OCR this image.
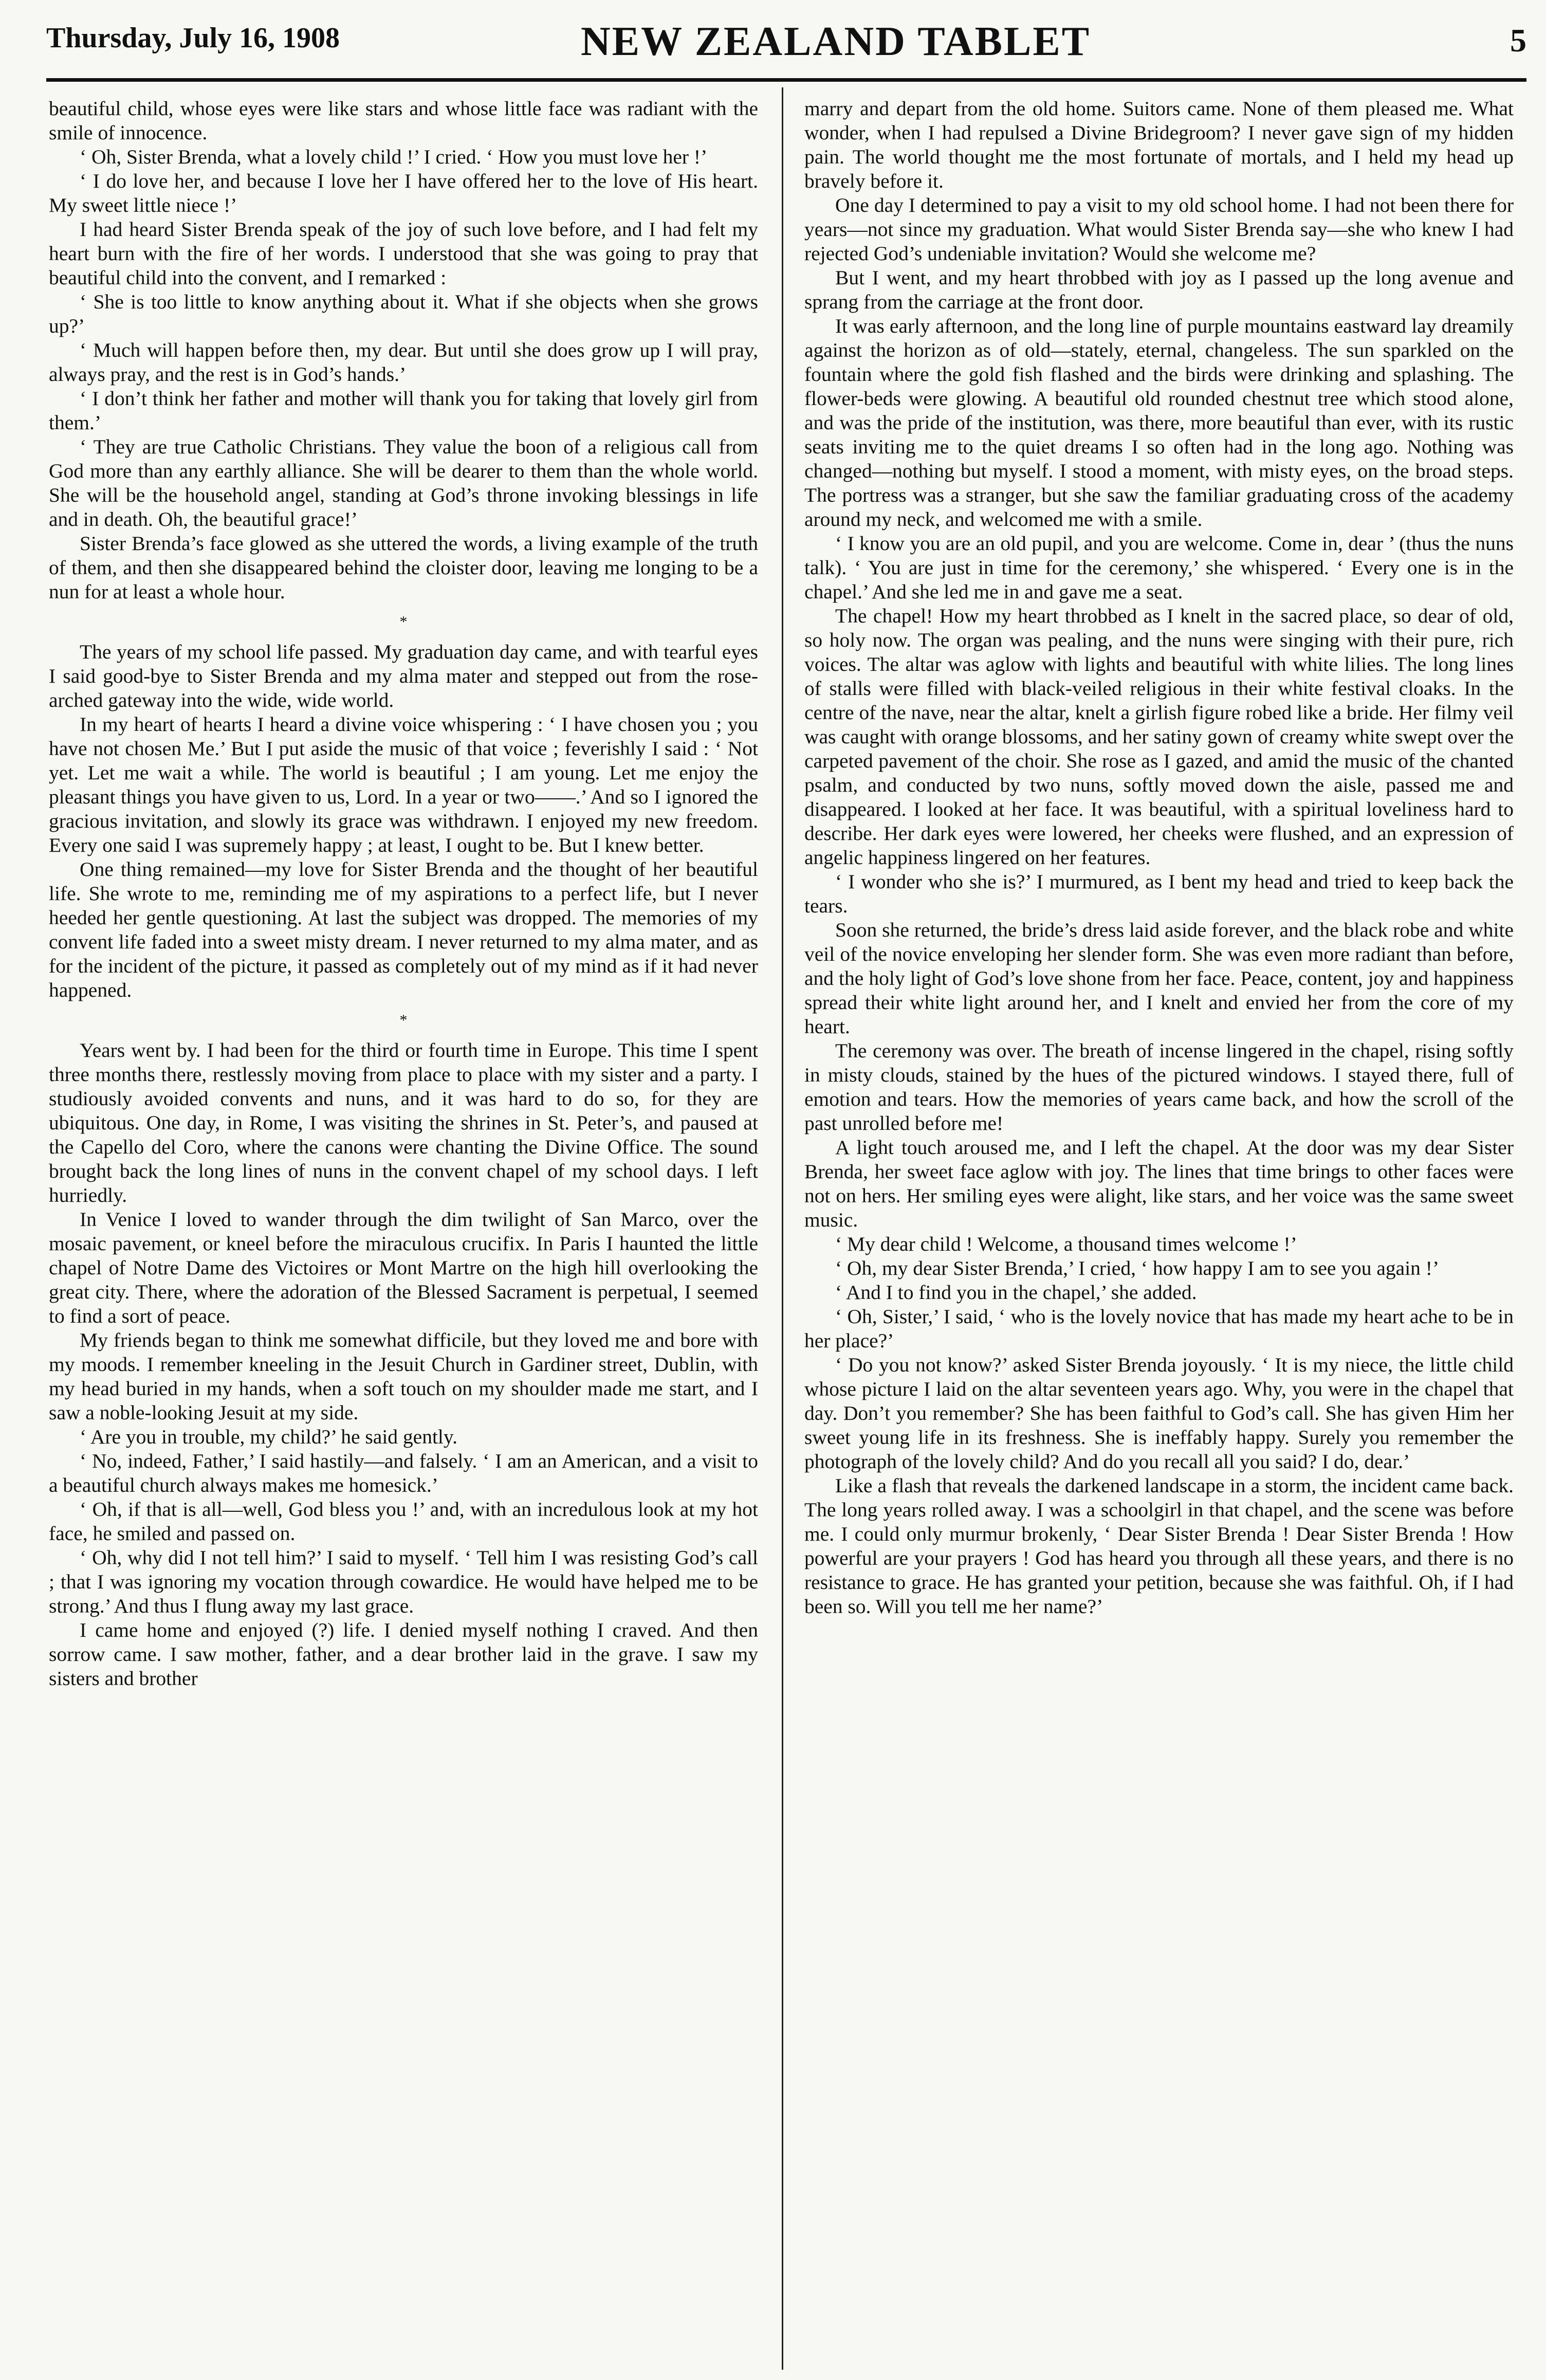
Thursday, July 16, 1908	NEW ZEALAND TABLET	5

beautiful child, whose eyes were like stars and whose little face was radiant with the smile of innocence.

‘ Oh, Sister Brenda, what a lovely child !’ I cried. ‘ How you must love her !’

‘ I do love her, and because I love her I have offered her to the love of His heart. My sweet little niece !’

I had heard Sister Brenda speak of the joy of such love before, and I had felt my heart burn with the fire of her words. I understood that she was going to pray that beautiful child into the convent, and I remarked :

‘ She is too little to know anything about it. What if she objects when she grows up?’

‘ Much will happen before then, my dear. But until she does grow up I will pray, always pray, and the rest is in God’s hands.’

‘ I don’t think her father and mother will thank you for taking that lovely girl from them.’

‘ They are true Catholic Christians. They value the boon of a religious call from God more than any earthly alliance. She will be dearer to them than the whole world. She will be the household angel, standing at God’s throne invoking blessings in life and in death. Oh, the beautiful grace!’

Sister Brenda’s face glowed as she uttered the words, a living example of the truth of them, and then she disappeared behind the cloister door, leaving me longing to be a nun for at least a whole hour.

*

The years of my school life passed. My graduation day came, and with tearful eyes I said good-bye to Sister Brenda and my alma mater and stepped out from the rose-arched gateway into the wide, wide world.

In my heart of hearts I heard a divine voice whispering : ‘ I have chosen you ; you have not chosen Me.’ But I put aside the music of that voice ; feverishly I said : ‘ Not yet. Let me wait a while. The world is beautiful ; I am young. Let me enjoy the pleasant things you have given to us, Lord. In a year or two——.’ And so I ignored the gracious invitation, and slowly its grace was withdrawn. I enjoyed my new freedom. Every one said I was supremely happy ; at least, I ought to be. But I knew better.

One thing remained—my love for Sister Brenda and the thought of her beautiful life. She wrote to me, reminding me of my aspirations to a perfect life, but I never heeded her gentle questioning. At last the subject was dropped. The memories of my convent life faded into a sweet misty dream. I never returned to my alma mater, and as for the incident of the picture, it passed as completely out of my mind as if it had never happened.

*

Years went by. I had been for the third or fourth time in Europe. This time I spent three months there, restlessly moving from place to place with my sister and a party. I studiously avoided convents and nuns, and it was hard to do so, for they are ubiquitous. One day, in Rome, I was visiting the shrines in St. Peter’s, and paused at the Capello del Coro, where the canons were chanting the Divine Office. The sound brought back the long lines of nuns in the convent chapel of my school days. I left hurriedly.

In Venice I loved to wander through the dim twilight of San Marco, over the mosaic pavement, or kneel before the miraculous crucifix. In Paris I haunted the little chapel of Notre Dame des Victoires or Mont Martre on the high hill overlooking the great city. There, where the adoration of the Blessed Sacrament is perpetual, I seemed to find a sort of peace.

My friends began to think me somewhat difficile, but they loved me and bore with my moods. I remember kneeling in the Jesuit Church in Gardiner street, Dublin, with my head buried in my hands, when a soft touch on my shoulder made me start, and I saw a noble-looking Jesuit at my side.

‘ Are you in trouble, my child?’ he said gently.

‘ No, indeed, Father,’ I said hastily—and falsely. ‘ I am an American, and a visit to a beautiful church always makes me homesick.’

‘ Oh, if that is all—well, God bless you !’ and, with an incredulous look at my hot face, he smiled and passed on.

‘ Oh, why did I not tell him?’ I said to myself. ‘ Tell him I was resisting God’s call ; that I was ignoring my vocation through cowardice. He would have helped me to be strong.’ And thus I flung away my last grace.

I came home and enjoyed (?) life. I denied myself nothing I craved. And then sorrow came. I saw mother, father, and a dear brother laid in the grave. I saw my sisters and brother

marry and depart from the old home. Suitors came. None of them pleased me. What wonder, when I had repulsed a Divine Bridegroom? I never gave sign of my hidden pain. The world thought me the most fortunate of mortals, and I held my head up bravely before it.

One day I determined to pay a visit to my old school home. I had not been there for years—not since my graduation. What would Sister Brenda say—she who knew I had rejected God’s undeniable invitation? Would she welcome me?

But I went, and my heart throbbed with joy as I passed up the long avenue and sprang from the carriage at the front door.

It was early afternoon, and the long line of purple mountains eastward lay dreamily against the horizon as of old—stately, eternal, changeless. The sun sparkled on the fountain where the gold fish flashed and the birds were drinking and splashing. The flower-beds were glowing. A beautiful old rounded chestnut tree which stood alone, and was the pride of the institution, was there, more beautiful than ever, with its rustic seats inviting me to the quiet dreams I so often had in the long ago. Nothing was changed—nothing but myself. I stood a moment, with misty eyes, on the broad steps. The portress was a stranger, but she saw the familiar graduating cross of the academy around my neck, and welcomed me with a smile.

‘ I know you are an old pupil, and you are welcome. Come in, dear ’ (thus the nuns talk). ‘ You are just in time for the ceremony,’ she whispered. ‘ Every one is in the chapel.’ And she led me in and gave me a seat.

The chapel! How my heart throbbed as I knelt in the sacred place, so dear of old, so holy now. The organ was pealing, and the nuns were singing with their pure, rich voices. The altar was aglow with lights and beautiful with white lilies. The long lines of stalls were filled with black-veiled religious in their white festival cloaks. In the centre of the nave, near the altar, knelt a girlish figure robed like a bride. Her filmy veil was caught with orange blossoms, and her satiny gown of creamy white swept over the carpeted pavement of the choir. She rose as I gazed, and amid the music of the chanted psalm, and conducted by two nuns, softly moved down the aisle, passed me and disappeared. I looked at her face. It was beautiful, with a spiritual loveliness hard to describe. Her dark eyes were lowered, her cheeks were flushed, and an expression of angelic happiness lingered on her features.

‘ I wonder who she is?’ I murmured, as I bent my head and tried to keep back the tears.

Soon she returned, the bride’s dress laid aside forever, and the black robe and white veil of the novice enveloping her slender form. She was even more radiant than before, and the holy light of God’s love shone from her face. Peace, content, joy and happiness spread their white light around her, and I knelt and envied her from the core of my heart.

The ceremony was over. The breath of incense lingered in the chapel, rising softly in misty clouds, stained by the hues of the pictured windows. I stayed there, full of emotion and tears. How the memories of years came back, and how the scroll of the past unrolled before me!

A light touch aroused me, and I left the chapel. At the door was my dear Sister Brenda, her sweet face aglow with joy. The lines that time brings to other faces were not on hers. Her smiling eyes were alight, like stars, and her voice was the same sweet music.

‘ My dear child ! Welcome, a thousand times welcome !’

‘ Oh, my dear Sister Brenda,’ I cried, ‘ how happy I am to see you again !’

‘ And I to find you in the chapel,’ she added.

‘ Oh, Sister,’ I said, ‘ who is the lovely novice that has made my heart ache to be in her place?’

‘ Do you not know?’ asked Sister Brenda joyously. ‘ It is my niece, the little child whose picture I laid on the altar seventeen years ago. Why, you were in the chapel that day. Don’t you remember? She has been faithful to God’s call. She has given Him her sweet young life in its freshness. She is ineffably happy. Surely you remember the photograph of the lovely child? And do you recall all you said? I do, dear.’

Like a flash that reveals the darkened landscape in a storm, the incident came back. The long years rolled away. I was a schoolgirl in that chapel, and the scene was before me. I could only murmur brokenly, ‘ Dear Sister Brenda ! Dear Sister Brenda ! How powerful are your prayers ! God has heard you through all these years, and there is no resistance to grace. He has granted your petition, because she was faithful. Oh, if I had been so. Will you tell me her name?’
